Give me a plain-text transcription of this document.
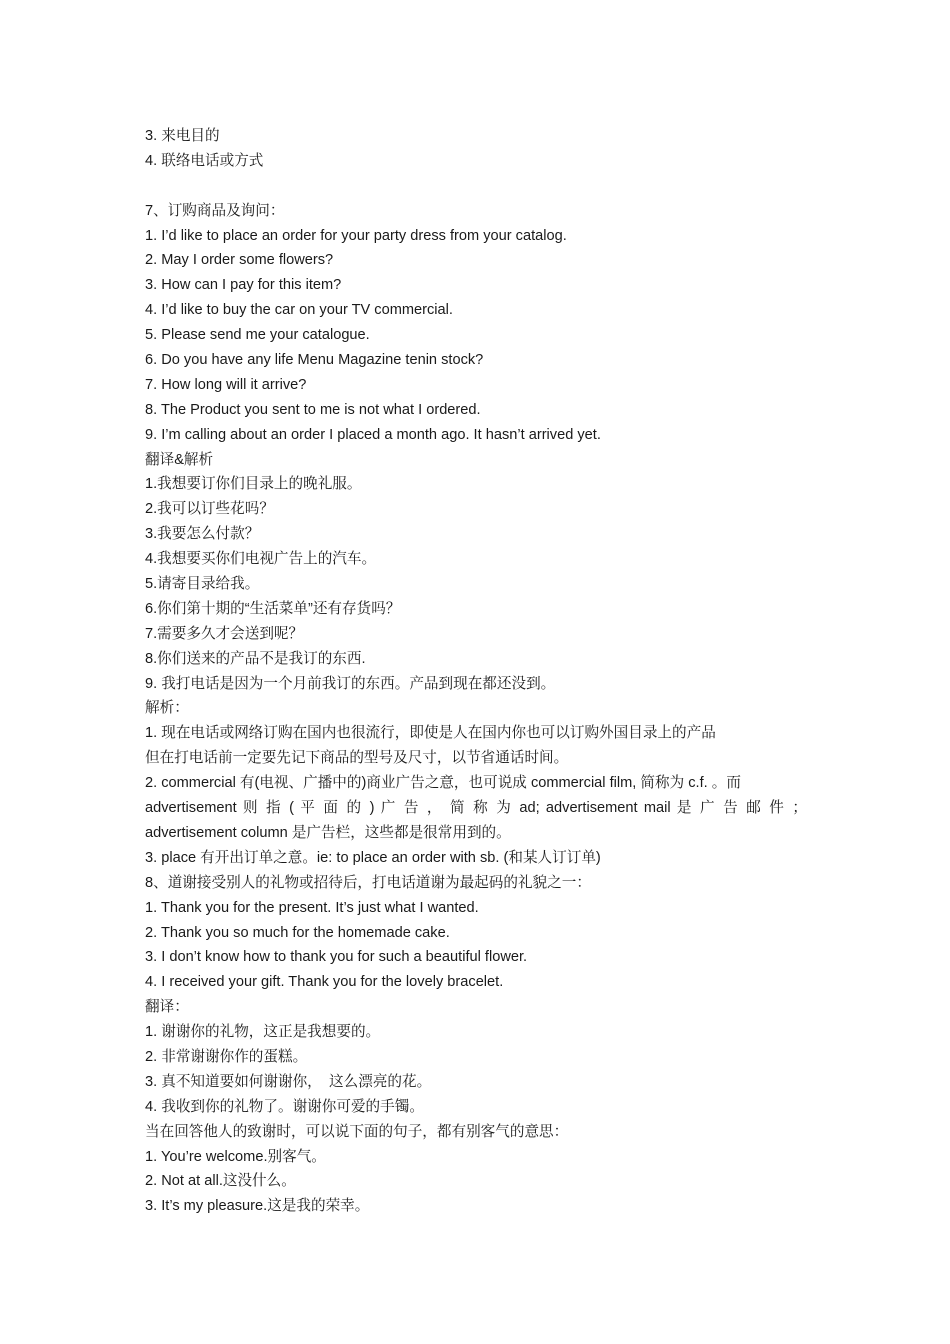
3. 来电目的
4. 联络电话或方式
7、订购商品及询问：
1. I’d like to place an order for your party dress from your catalog.
2. May I order some flowers?
3. How can I pay for this item?
4. I’d like to buy the car on your TV commercial.
5. Please send me your catalogue.
6. Do you have any life Menu Magazine tenin stock?
7. How long will it arrive?
8. The Product you sent to me is not what I ordered.
9. I’m calling about an order I placed a month ago. It hasn’t arrived yet.
翻译&解析
1.我想要订你们目录上的晚礼服。
2.我可以订些花吗？
3.我要怎么付款？
4.我想要买你们电视广告上的汽车。
5.请寄目录给我。
6.你们第十期的“生活菜单”还有存货吗？
7.需要多久才会送到呢？
8.你们送来的产品不是我订的东西.
9. 我打电话是因为一个月前我订的东西。产品到现在都还没到。
解析：
1. 现在电话或网络订购在国内也很流行，即使是人在国内你也可以订购外国目录上的产品
但在打电话前一定要先记下商品的型号及尺寸，以节省通话时间。
2. commercial 有(电视、广播中的)商业广告之意，也可说成 commercial film, 简称为 c.f. 。而
advertisement 则 指 ( 平 面 的 ) 广 告 ， 简 称 为 ad; advertisement mail 是 广 告 邮 件 ；
advertisement column 是广告栏，这些都是很常用到的。
3. place 有开出订单之意。ie: to place an order with sb. (和某人订订单)
8、道谢接受别人的礼物或招待后，打电话道谢为最起码的礼貌之一：
1. Thank you for the present. It’s just what I wanted.
2. Thank you so much for the homemade cake.
3. I don’t know how to thank you for such a beautiful flower.
4. I received your gift. Thank you for the lovely bracelet.
翻译：
1. 谢谢你的礼物，这正是我想要的。
2. 非常谢谢你作的蛋糕。
3. 真不知道要如何谢谢你，　这么漂亮的花。
4. 我收到你的礼物了。谢谢你可爱的手镯。
当在回答他人的致谢时，可以说下面的句子，都有别客气的意思：
1. You’re welcome.别客气。
2. Not at all.这没什么。
3. It’s my pleasure.这是我的荣幸。
